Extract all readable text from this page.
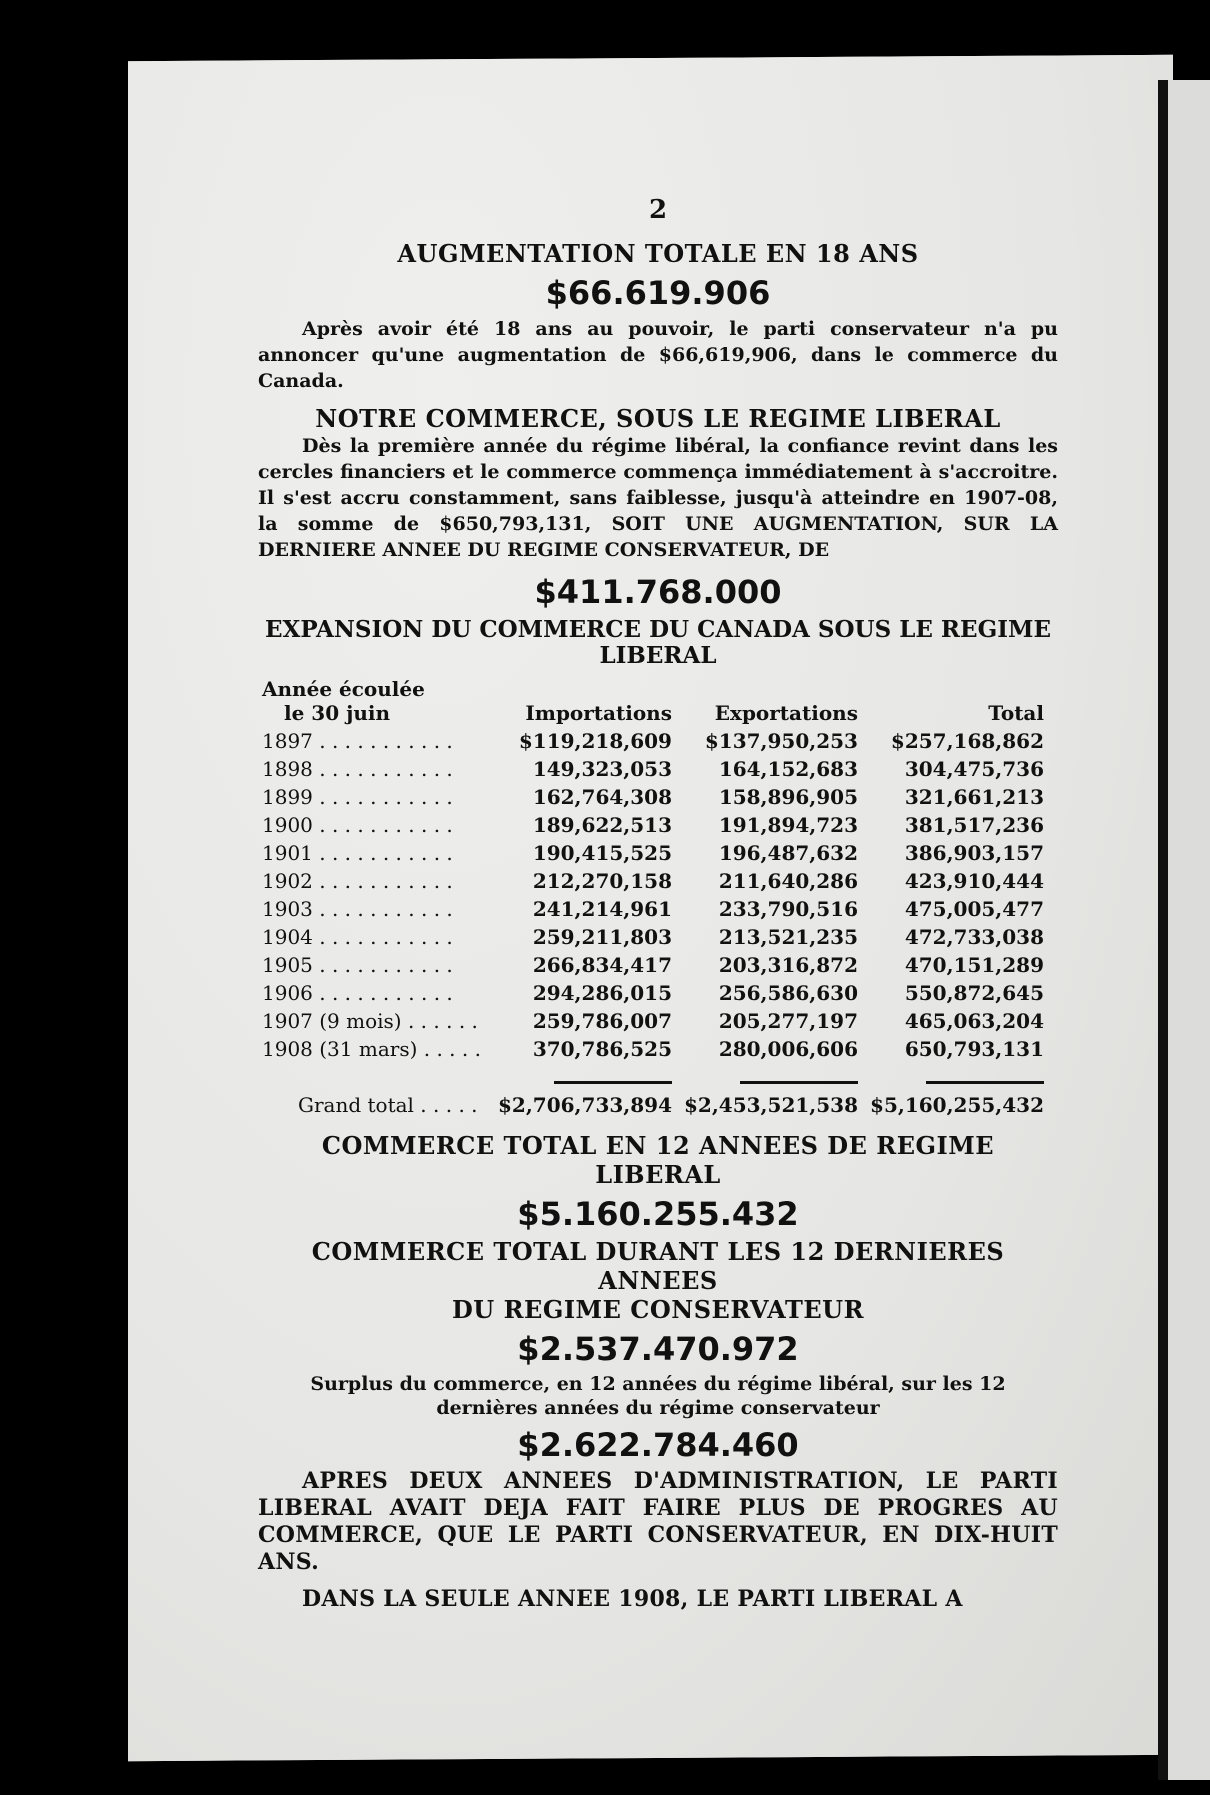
2
AUGMENTATION TOTALE EN 18 ANS
$66.619.906

Après avoir été 18 ans au pouvoir, le parti conservateur n'a pu annoncer qu'une augmentation de $66,619,906, dans le commerce du Canada.

NOTRE COMMERCE, SOUS LE REGIME LIBERAL

Dès la première année du régime libéral, la confiance revint dans les cercles financiers et le commerce commença immédiatement à s'accroitre. Il s'est accru constamment, sans faiblesse, jusqu'à atteindre en 1907-08, la somme de $650,793,131, SOIT UNE AUGMENTATION, SUR LA DERNIERE ANNEE DU REGIME CONSERVATEUR, DE

$411.768.000
EXPANSION DU COMMERCE DU CANADA SOUS LE REGIME LIBERAL
Année écoulée
le 30 juin	Importations	Exportations	Total
1897 . . . . . . . . . . .	$119,218,609	$137,950,253	$257,168,862
1898 . . . . . . . . . . .	149,323,053	164,152,683	304,475,736
1899 . . . . . . . . . . .	162,764,308	158,896,905	321,661,213
1900 . . . . . . . . . . .	189,622,513	191,894,723	381,517,236
1901 . . . . . . . . . . .	190,415,525	196,487,632	386,903,157
1902 . . . . . . . . . . .	212,270,158	211,640,286	423,910,444
1903 . . . . . . . . . . .	241,214,961	233,790,516	475,005,477
1904 . . . . . . . . . . .	259,211,803	213,521,235	472,733,038
1905 . . . . . . . . . . .	266,834,417	203,316,872	470,151,289
1906 . . . . . . . . . . .	294,286,015	256,586,630	550,872,645
1907 (9 mois) . . . . . .	259,786,007	205,277,197	465,063,204
1908 (31 mars) . . . . .	370,786,525	280,006,606	650,793,131

Grand total . . . . .	$2,706,733,894	$2,453,521,538	$5,160,255,432
COMMERCE TOTAL EN 12 ANNEES DE REGIME LIBERAL
$5.160.255.432
COMMERCE TOTAL DURANT LES 12 DERNIERES ANNEES
DU REGIME CONSERVATEUR
$2.537.470.972
Surplus du commerce, en 12 années du régime libéral, sur les 12 dernières années du régime conservateur
$2.622.784.460

APRES DEUX ANNEES D'ADMINISTRATION, LE PARTI LIBERAL AVAIT DEJA FAIT FAIRE PLUS DE PROGRES AU COMMERCE, QUE LE PARTI CONSERVATEUR, EN DIX-HUIT ANS.

DANS LA SEULE ANNEE 1908, LE PARTI LIBERAL A
